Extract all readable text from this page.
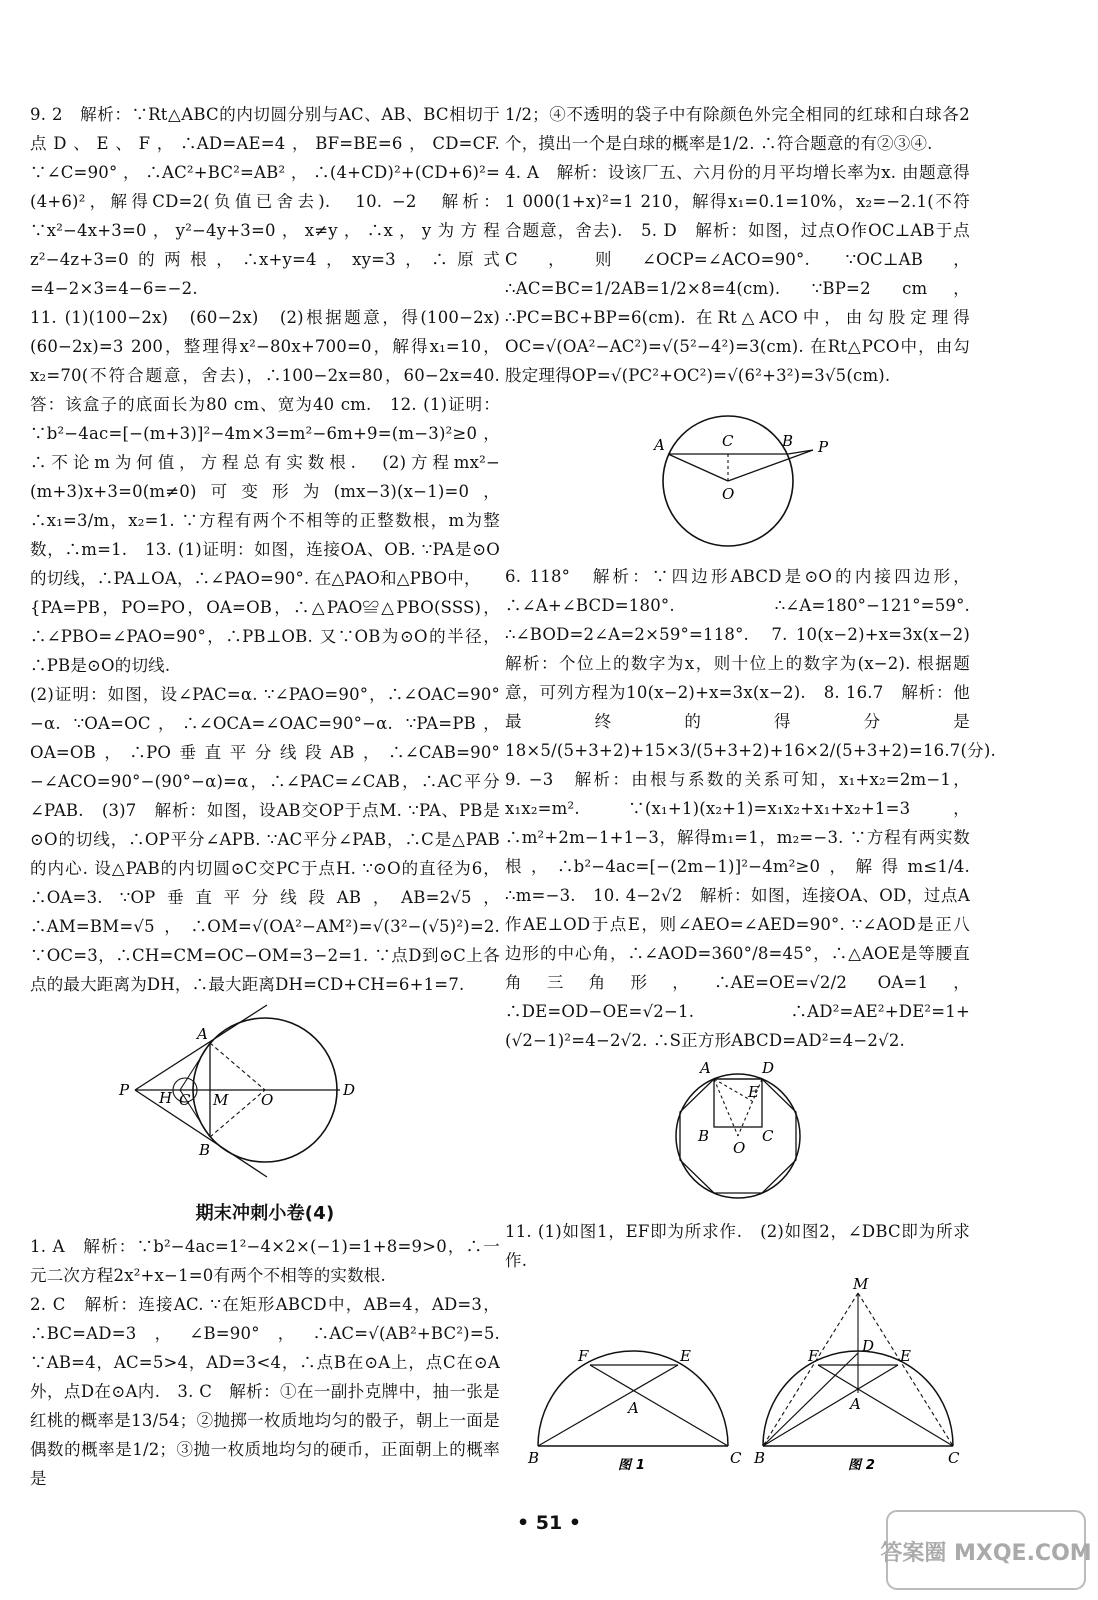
9. 2　解析：∵Rt△ABC的内切圆分别与AC、AB、BC相切于点D、E、F，∴AD=AE=4，BF=BE=6，CD=CF. ∵∠C=90°，∴AC²+BC²=AB²，∴(4+CD)²+(CD+6)²=(4+6)²，解得CD=2(负值已舍去).　10. −2　解析：∵x²−4x+3=0，y²−4y+3=0，x≠y，∴x，y为方程z²−4z+3=0的两根，∴x+y=4，xy=3，∴原式=4−2×3=4−6=−2.

11. (1)(100−2x)　(60−2x)　(2)根据题意，得(100−2x)(60−2x)=3 200，整理得x²−80x+700=0，解得x₁=10，x₂=70(不符合题意，舍去)，∴100−2x=80，60−2x=40. 答：该盒子的底面长为80 cm、宽为40 cm.　12. (1)证明：∵b²−4ac=[−(m+3)]²−4m×3=m²−6m+9=(m−3)²≥0，∴不论m为何值，方程总有实数根.　(2)方程mx²−(m+3)x+3=0(m≠0)可变形为(mx−3)(x−1)=0，∴x₁=3/m，x₂=1. ∵方程有两个不相等的正整数根，m为整数，∴m=1.　13. (1)证明：如图，连接OA、OB. ∵PA是⊙O的切线，∴PA⊥OA，∴∠PAO=90°. 在△PAO和△PBO中，

{PA=PB，PO=PO，OA=OB，∴△PAO≌△PBO(SSS)，∴∠PBO=∠PAO=90°，∴PB⊥OB. 又∵OB为⊙O的半径，∴PB是⊙O的切线.

(2)证明：如图，设∠PAC=α. ∵∠PAO=90°，∴∠OAC=90°−α. ∵OA=OC，∴∠OCA=∠OAC=90°−α. ∵PA=PB，OA=OB，∴PO垂直平分线段AB，∴∠CAB=90°−∠ACO=90°−(90°−α)=α，∴∠PAC=∠CAB，∴AC平分∠PAB.　(3)7　解析：如图，设AB交OP于点M. ∵PA、PB是⊙O的切线，∴OP平分∠APB. ∵AC平分∠PAB，∴C是△PAB的内心. 设△PAB的内切圆⊙C交PC于点H. ∵⊙O的直径为6，∴OA=3. ∵OP垂直平分线段AB，AB=2√5，∴AM=BM=√5，∴OM=√(OA²−AM²)=√(3²−(√5)²)=2. ∵OC=3，∴CH=CM=OC−OM=3−2=1. ∵点D到⊙C上各点的最大距离为DH，∴最大距离DH=CD+CH=6+1=7.

A
B
P H C M O
D
期末冲刺小卷(4)

1. A　解析：∵b²−4ac=1²−4×2×(−1)=1+8=9>0，∴一元二次方程2x²+x−1=0有两个不相等的实数根.

2. C　解析：连接AC. ∵在矩形ABCD中，AB=4，AD=3，∴BC=AD=3，∠B=90°，∴AC=√(AB²+BC²)=5. ∵AB=4，AC=5>4，AD=3<4，∴点B在⊙A上，点C在⊙A外，点D在⊙A内.　3. C　解析：①在一副扑克牌中，抽一张是红桃的概率是13/54；②抛掷一枚质地均匀的骰子，朝上一面是偶数的概率是1/2；③抛一枚质地均匀的硬币，正面朝上的概率是

1/2；④不透明的袋子中有除颜色外完全相同的红球和白球各2个，摸出一个是白球的概率是1/2. ∴符合题意的有②③④.

4. A　解析：设该厂五、六月份的月平均增长率为x. 由题意得1 000(1+x)²=1 210，解得x₁=0.1=10%，x₂=−2.1(不符合题意，舍去).　5. D　解析：如图，过点O作OC⊥AB于点C，则∠OCP=∠ACO=90°. ∵OC⊥AB，∴AC=BC=1/2AB=1/2×8=4(cm). ∵BP=2 cm，∴PC=BC+BP=6(cm). 在Rt△ACO中，由勾股定理得OC=√(OA²−AC²)=√(5²−4²)=3(cm). 在Rt△PCO中，由勾股定理得OP=√(PC²+OC²)=√(6²+3²)=3√5(cm).

A	C	B P
O

6. 118°　解析：∵四边形ABCD是⊙O的内接四边形，∴∠A+∠BCD=180°. ∴∠A=180°−121°=59°. ∴∠BOD=2∠A=2×59°=118°.　7. 10(x−2)+x=3x(x−2)　解析：个位上的数字为x，则十位上的数字为(x−2). 根据题意，可列方程为10(x−2)+x=3x(x−2).　8. 16.7　解析：他最终的得分是18×5/(5+3+2)+15×3/(5+3+2)+16×2/(5+3+2)=16.7(分).　9. −3　解析：由根与系数的关系可知，x₁+x₂=2m−1，x₁x₂=m². ∵(x₁+1)(x₂+1)=x₁x₂+x₁+x₂+1=3，∴m²+2m−1+1−3，解得m₁=1，m₂=−3. ∵方程有两实数根，∴b²−4ac=[−(2m−1)]²−4m²≥0，解得m≤1/4. ∴m=−3.　10. 4−2√2　解析：如图，连接OA、OD，过点A作AE⊥OD于点E，则∠AEO=∠AED=90°. ∵∠AOD是正八边形的中心角，∴∠AOD=360°/8=45°，∴△AOE是等腰直角三角形，∴AE=OE=√2/2 OA=1，∴DE=OD−OE=√2−1. ∴AD²=AE²+DE²=1+(√2−1)²=4−2√2. ∴S正方形ABCD=AD²=4−2√2.

A	D
E
B	C
O

11. (1)如图1，EF即为所求作.　(2)如图2，∠DBC即为所求作.

F	E
A
B	C
图 1
M
F
D
E
A
B	C
图 2
• 51 •
答案圈 MXQE.COM
